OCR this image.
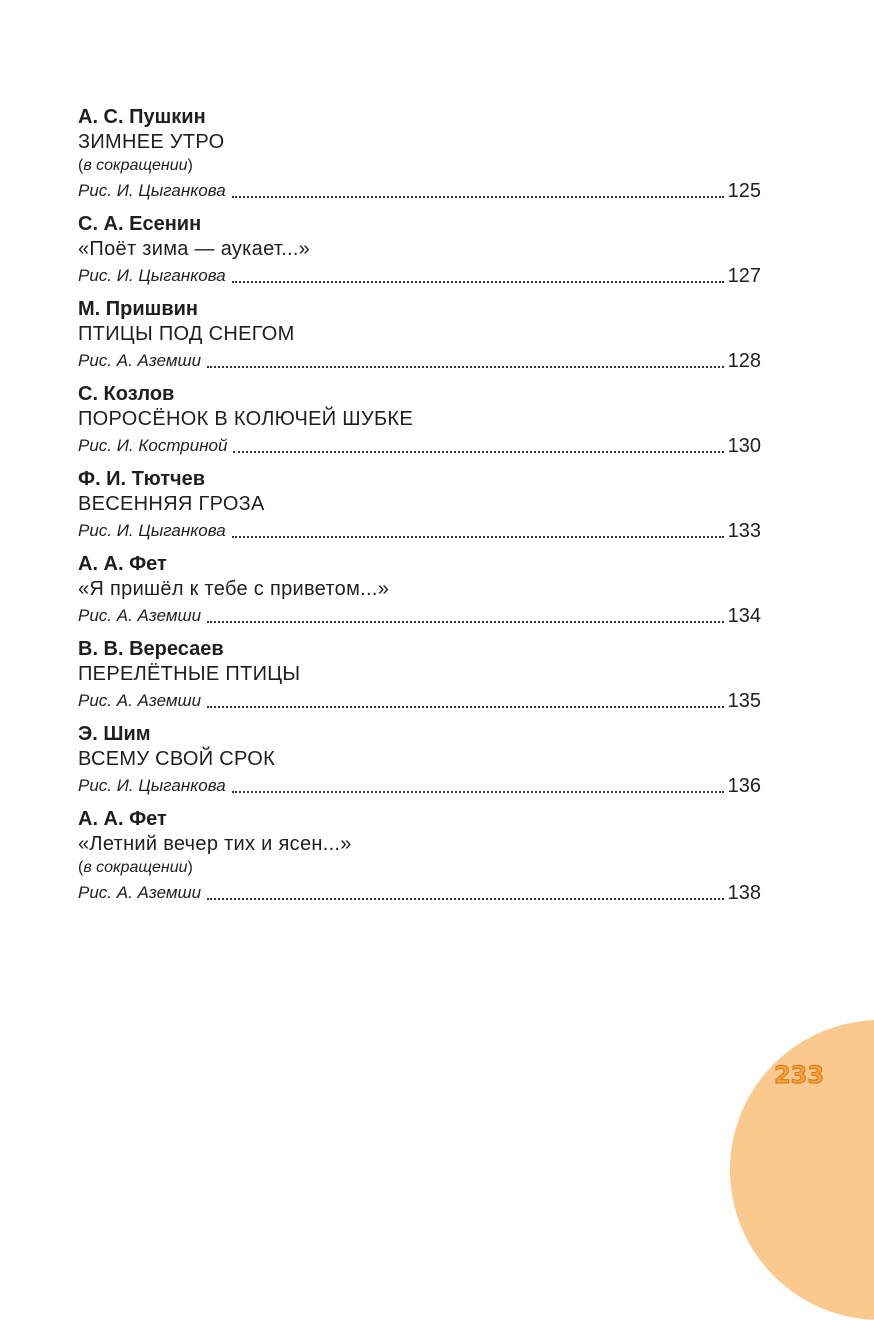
А. С. Пушкин
ЗИМНЕЕ УТРО
(в сокращении)
Рис. И. Цыганкова	125
С. А. Есенин
«Поёт зима — аукает...»
Рис. И. Цыганкова	127
М. Пришвин
ПТИЦЫ ПОД СНЕГОМ
Рис. А. Аземши	128
С. Козлов
ПОРОСЁНОК В КОЛЮЧЕЙ ШУБКЕ
Рис. И. Костриной	130
Ф. И. Тютчев
ВЕСЕННЯЯ ГРОЗА
Рис. И. Цыганкова	133
А. А. Фет
«Я пришёл к тебе с приветом...»
Рис. А. Аземши	134
В. В. Вересаев
ПЕРЕЛЁТНЫЕ ПТИЦЫ
Рис. А. Аземши	135
Э. Шим
ВСЕМУ СВОЙ СРОК
Рис. И. Цыганкова	136
А. А. Фет
«Летний вечер тих и ясен...»
(в сокращении)
Рис. А. Аземши	138
233
